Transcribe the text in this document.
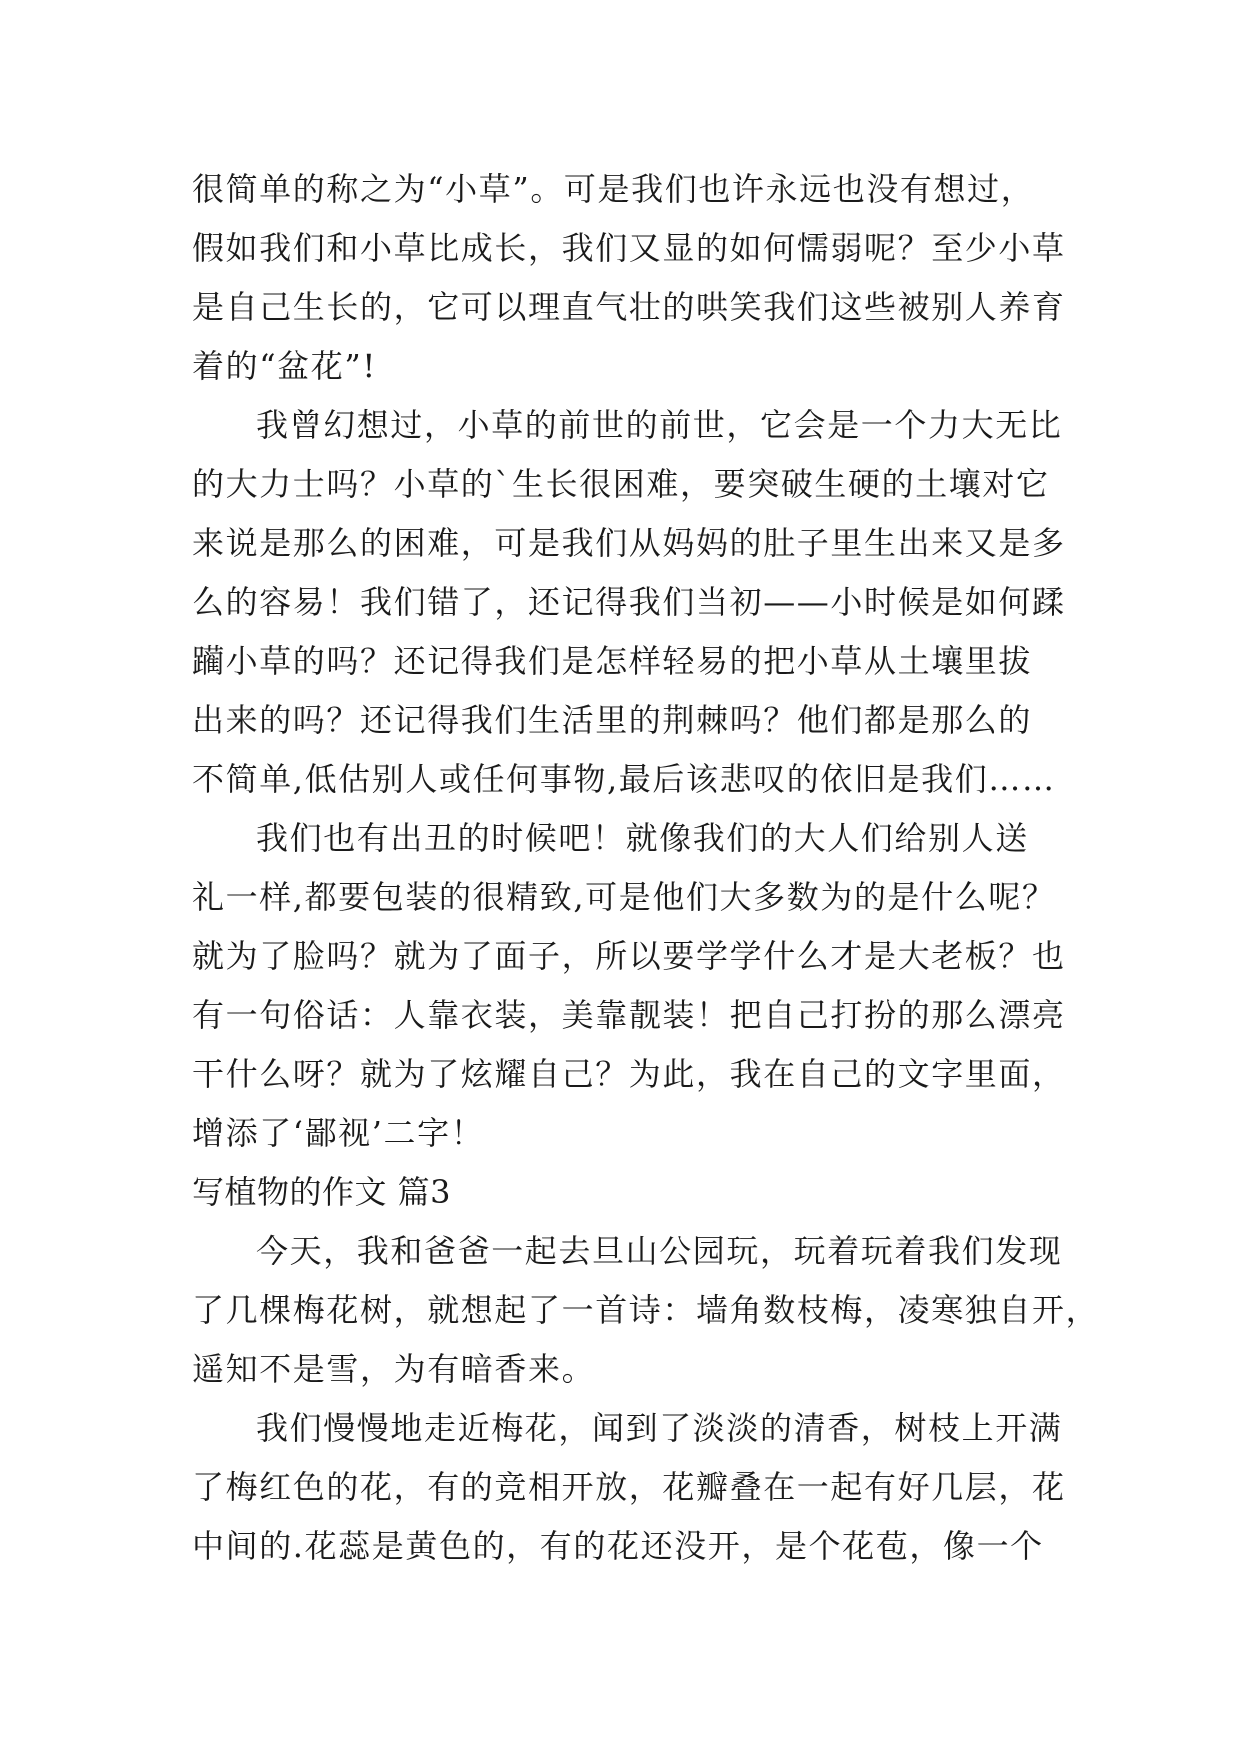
很简单的称之为“小草”。可是我们也许永远也没有想过，
假如我们和小草比成长，我们又显的如何懦弱呢？至少小草
是自己生长的，它可以理直气壮的哄笑我们这些被别人养育
着的“盆花”!
我曾幻想过，小草的前世的前世，它会是一个力大无比
的大力士吗？小草的`生长很困难，要突破生硬的土壤对它
来说是那么的困难，可是我们从妈妈的肚子里生出来又是多
么的容易！我们错了，还记得我们当初——小时候是如何蹂
躏小草的吗？还记得我们是怎样轻易的把小草从土壤里拔
出来的吗？还记得我们生活里的荆棘吗？他们都是那么的
不简单,低估别人或任何事物,最后该悲叹的依旧是我们……
我们也有出丑的时候吧！就像我们的大人们给别人送
礼一样,都要包装的很精致,可是他们大多数为的是什么呢？
就为了脸吗？就为了面子，所以要学学什么才是大老板？也
有一句俗话：人靠衣装，美靠靓装！把自己打扮的那么漂亮
干什么呀？就为了炫耀自己？为此，我在自己的文字里面，
增添了‘鄙视’二字！
写植物的作文 篇3
今天，我和爸爸一起去旦山公园玩，玩着玩着我们发现
了几棵梅花树，就想起了一首诗：墙角数枝梅，凌寒独自开，
遥知不是雪，为有暗香来。
我们慢慢地走近梅花，闻到了淡淡的清香，树枝上开满
了梅红色的花，有的竞相开放，花瓣叠在一起有好几层，花
中间的.花蕊是黄色的，有的花还没开，是个花苞，像一个
